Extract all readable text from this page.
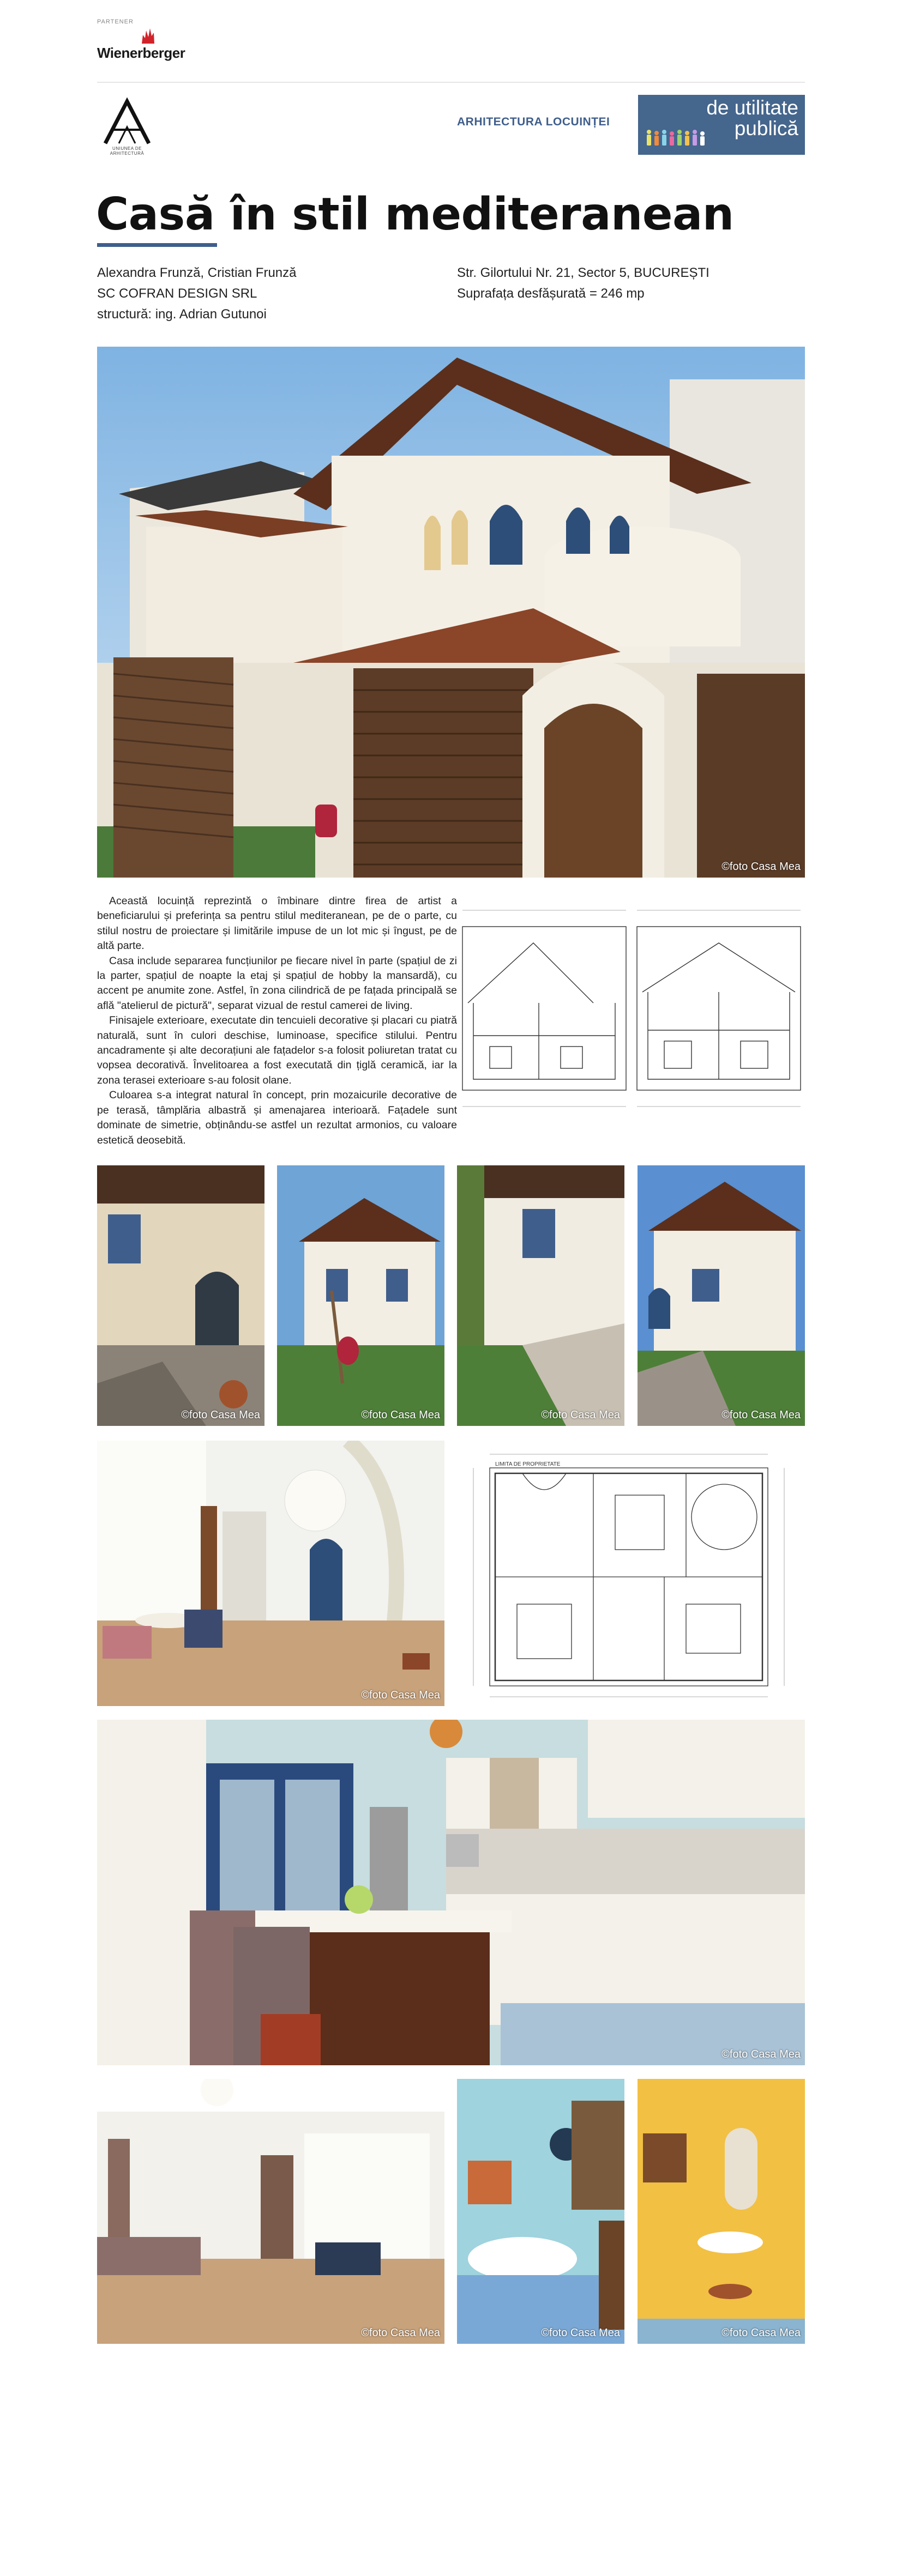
PARTENER
Wienerberger
UNIUNEA DE ARHITECTURĂ
ARHITECTURA LOCUINȚEI
de utilitate
publică
Casă în stil mediteranean
Alexandra Frunză, Cristian Frunză
SC COFRAN DESIGN SRL
structură: ing. Adrian Gutunoi
Str. Gilortului Nr. 21, Sector 5, BUCUREȘTI
Suprafața desfășurată = 246 mp
©foto Casa Mea

Această locuință reprezintă o îmbinare dintre firea de artist a beneficiarului și preferința sa pentru stilul mediteranean, pe de o parte, cu stilul nostru de proiectare și limitările impuse de un lot mic și îngust, pe de altă parte.

Casa include separarea funcțiunilor pe fiecare nivel în parte (spațiul de zi la parter, spațiul de noapte la etaj și spațiul de hobby la mansardă), cu accent pe anumite zone. Astfel, în zona cilindrică de pe fațada principală se află "atelierul de pictură", separat vizual de restul camerei de living.

Finisajele exterioare, executate din tencuieli decorative și placari cu piatră naturală, sunt în culori deschise, luminoase, specifice stilului. Pentru ancadramente și alte decorațiuni ale fațadelor s-a folosit poliuretan tratat cu vopsea decorativă. Învelitoarea a fost executată din țiglă ceramică, iar la zona terasei exterioare s-au folosit olane.

Culoarea s-a integrat natural în concept, prin mozaicurile decorative de pe terasă, tâmplăria albastră și amenajarea interioară. Fațadele sunt dominate de simetrie, obținându-se astfel un rezultat armonios, cu valoare estetică deosebită.

©foto Casa Mea	©foto Casa Mea	©foto Casa Mea	©foto Casa Mea
©foto Casa Mea
LIMITA DE PROPRIETATE
©foto Casa Mea
©foto Casa Mea	©foto Casa Mea	©foto Casa Mea
